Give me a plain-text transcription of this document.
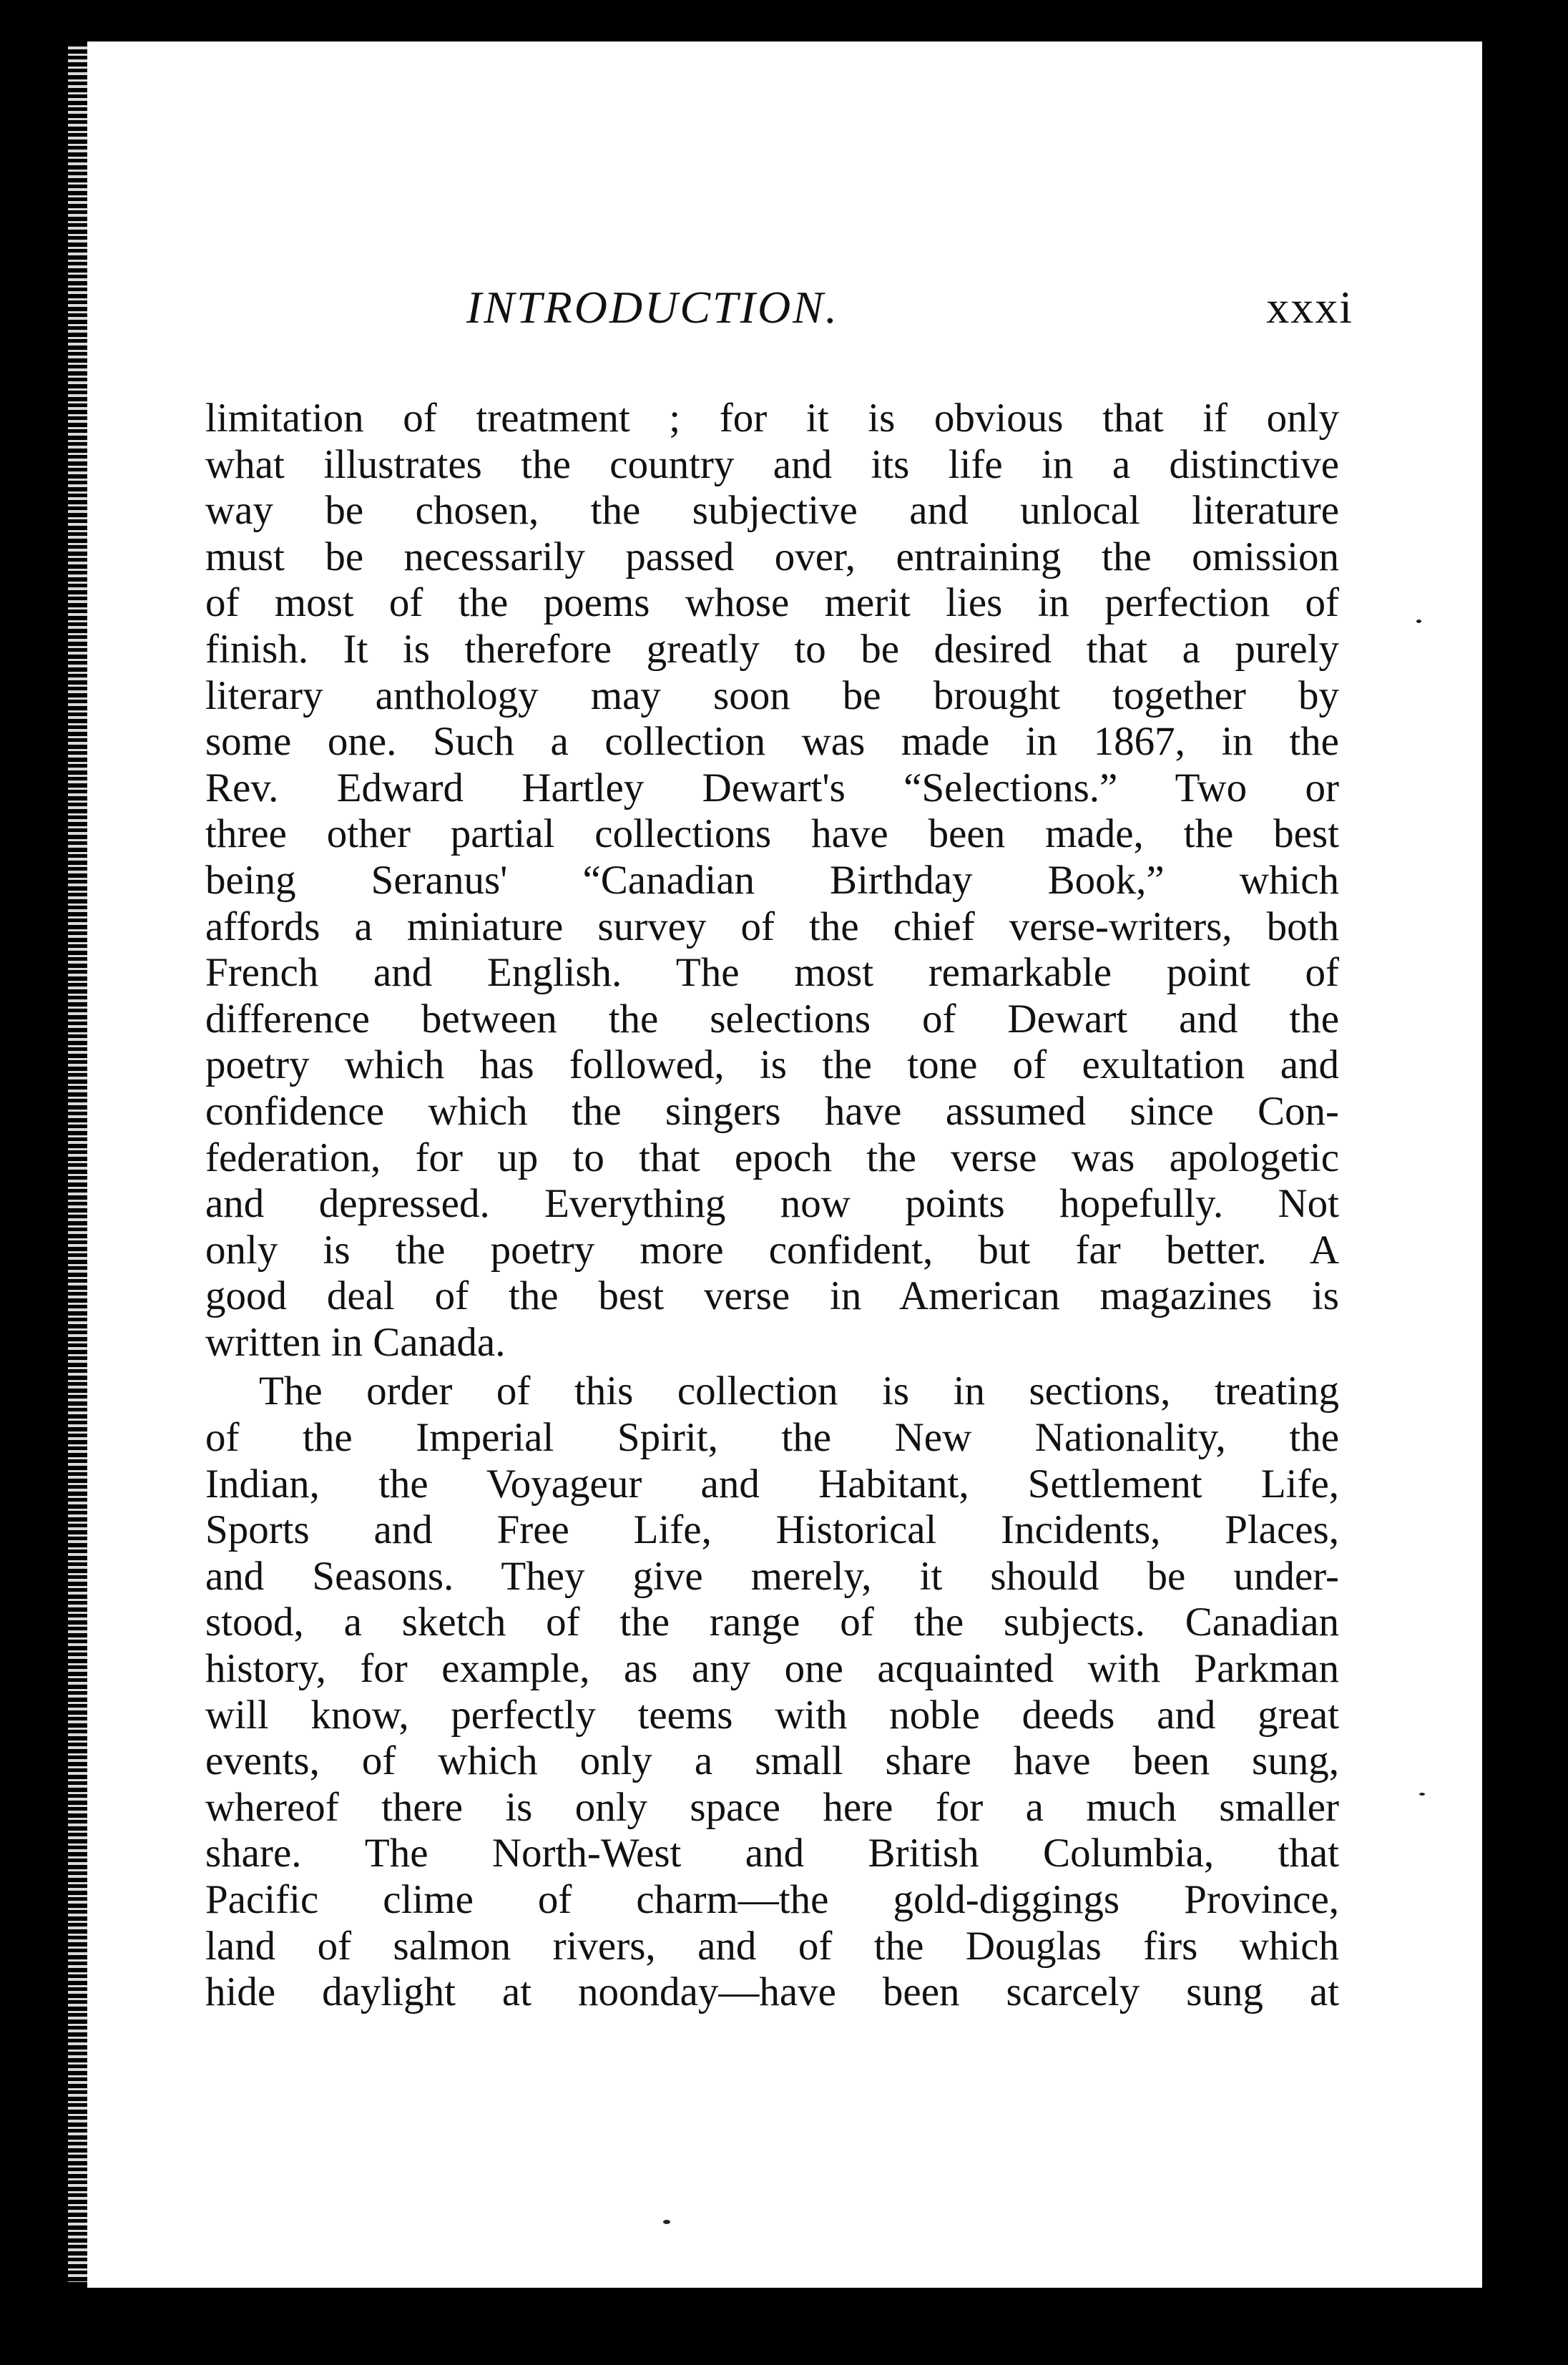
INTRODUCTION.	xxxi
limitation of treatment ; for it is obvious that if only
what illustrates the country and its life in a distinctive
way be chosen, the subjective and unlocal literature
must be necessarily passed over, entraining the omission
of most of the poems whose merit lies in perfection of
finish. It is therefore greatly to be desired that a purely
literary anthology may soon be brought together by
some one. Such a collection was made in 1867, in the
Rev. Edward Hartley Dewart's “Selections.” Two or
three other partial collections have been made, the best
being Seranus' “Canadian Birthday Book,” which
affords a miniature survey of the chief verse-writers, both
French and English. The most remarkable point of
difference between the selections of Dewart and the
poetry which has followed, is the tone of exultation and
confidence which the singers have assumed since Con-
federation, for up to that epoch the verse was apologetic
and depressed. Everything now points hopefully. Not
only is the poetry more confident, but far better. A
good deal of the best verse in American magazines is
written in Canada.
The order of this collection is in sections, treating
of the Imperial Spirit, the New Nationality, the
Indian, the Voyageur and Habitant, Settlement Life,
Sports and Free Life, Historical Incidents, Places,
and Seasons. They give merely, it should be under-
stood, a sketch of the range of the subjects. Canadian
history, for example, as any one acquainted with Parkman
will know, perfectly teems with noble deeds and great
events, of which only a small share have been sung,
whereof there is only space here for a much smaller
share. The North-West and British Columbia, that
Pacific clime of charm—the gold-diggings Province,
land of salmon rivers, and of the Douglas firs which
hide daylight at noonday—have been scarcely sung at
